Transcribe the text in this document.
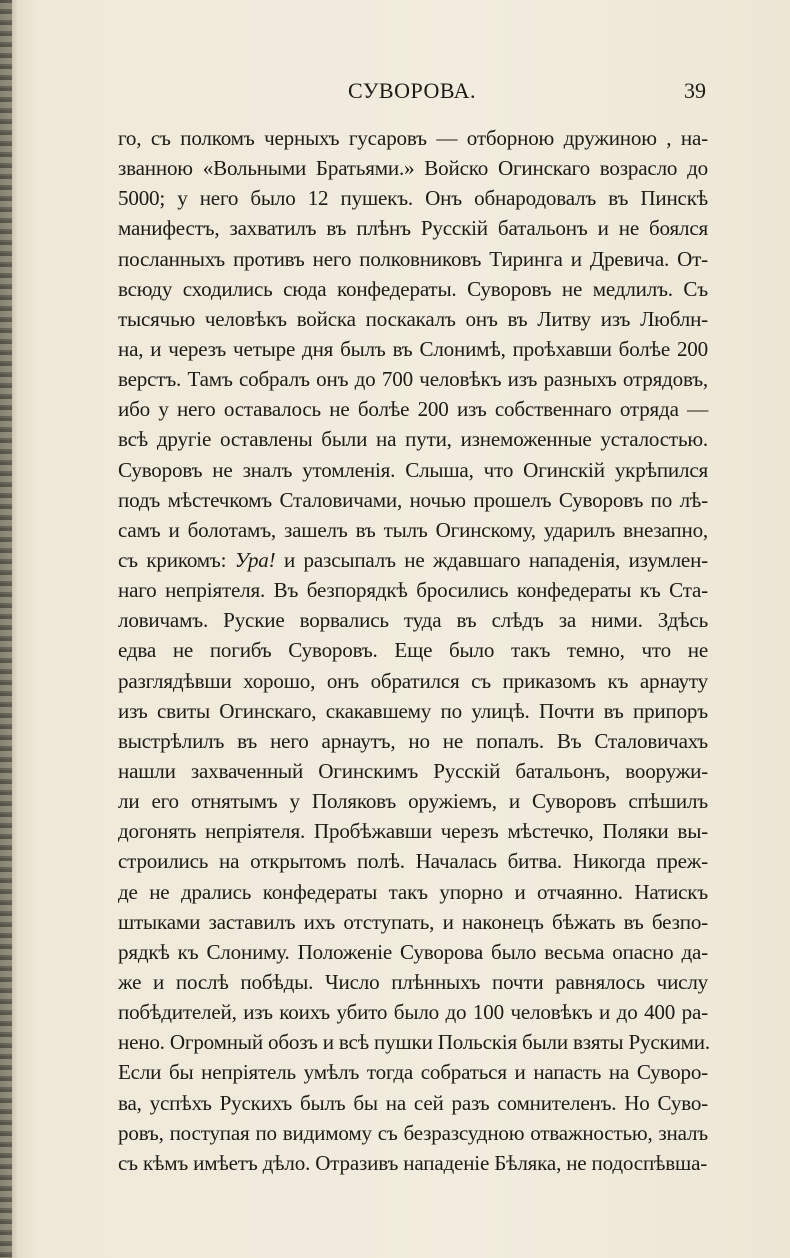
СУВОРОВА.	39
го, съ полкомъ черныхъ гусаровъ — отборною дружиною , на-
званною «Вольными Братьями.» Войско Огинскаго возрасло до
5000; у него было 12 пушекъ. Онъ обнародовалъ въ Пинскѣ
манифестъ, захватилъ въ плѣнъ Русскій батальонъ и не боялся
посланныхъ противъ него полковниковъ Тиринга и Древича. От-
всюду сходились сюда конфедераты. Суворовъ не медлилъ. Съ
тысячью человѣкъ войска поскакалъ онъ въ Литву изъ Люблн-
на, и черезъ четыре дня былъ въ Слонимѣ, проѣхавши болѣе 200
верстъ. Тамъ собралъ онъ до 700 человѣкъ изъ разныхъ отрядовъ,
ибо у него оставалось не болѣе 200 изъ собственнаго отряда —
всѣ другіе оставлены были на пути, изнеможенные усталостью.
Суворовъ не зналъ утомленія. Слыша, что Огинскій укрѣпился
подъ мѣстечкомъ Сталовичами, ночью прошелъ Суворовъ по лѣ-
самъ и болотамъ, зашелъ въ тылъ Огинскому, ударилъ внезапно,
съ крикомъ: Ура! и разсыпалъ не ждавшаго нападенія, изумлен-
наго непріятеля. Въ безпорядкѣ бросились конфедераты къ Ста-
ловичамъ. Руские ворвались туда въ слѣдъ за ними. Здѣсь
едва не погибъ Суворовъ. Еще было такъ темно, что не
разглядѣвши хорошо, онъ обратился съ приказомъ къ арнауту
изъ свиты Огинскаго, скакавшему по улицѣ. Почти въ припоръ
выстрѣлилъ въ него арнаутъ, но не попалъ. Въ Сталовичахъ
нашли захваченный Огинскимъ Русскій батальонъ, вооружи-
ли его отнятымъ у Поляковъ оружіемъ, и Суворовъ спѣшилъ
догонять непріятеля. Пробѣжавши черезъ мѣстечко, Поляки вы-
строились на открытомъ полѣ. Началась битва. Никогда преж-
де не дрались конфедераты такъ упорно и отчаянно. Натискъ
штыками заставилъ ихъ отступать, и наконецъ бѣжать въ безпо-
рядкѣ къ Слониму. Положеніе Суворова было весьма опасно да-
же и послѣ побѣды. Число плѣнныхъ почти равнялось числу
побѣдителей, изъ коихъ убито было до 100 человѣкъ и до 400 ра-
нено. Огромный обозъ и всѣ пушки Польскія были взяты Рускими.
Если бы непріятель умѣлъ тогда собраться и напасть на Суворо-
ва, успѣхъ Рускихъ былъ бы на сей разъ сомнителенъ. Но Суво-
ровъ, поступая по видимому съ безразсудною отважностью, зналъ
съ кѣмъ имѣетъ дѣло. Отразивъ нападеніе Бѣляка, не подоспѣвша-
